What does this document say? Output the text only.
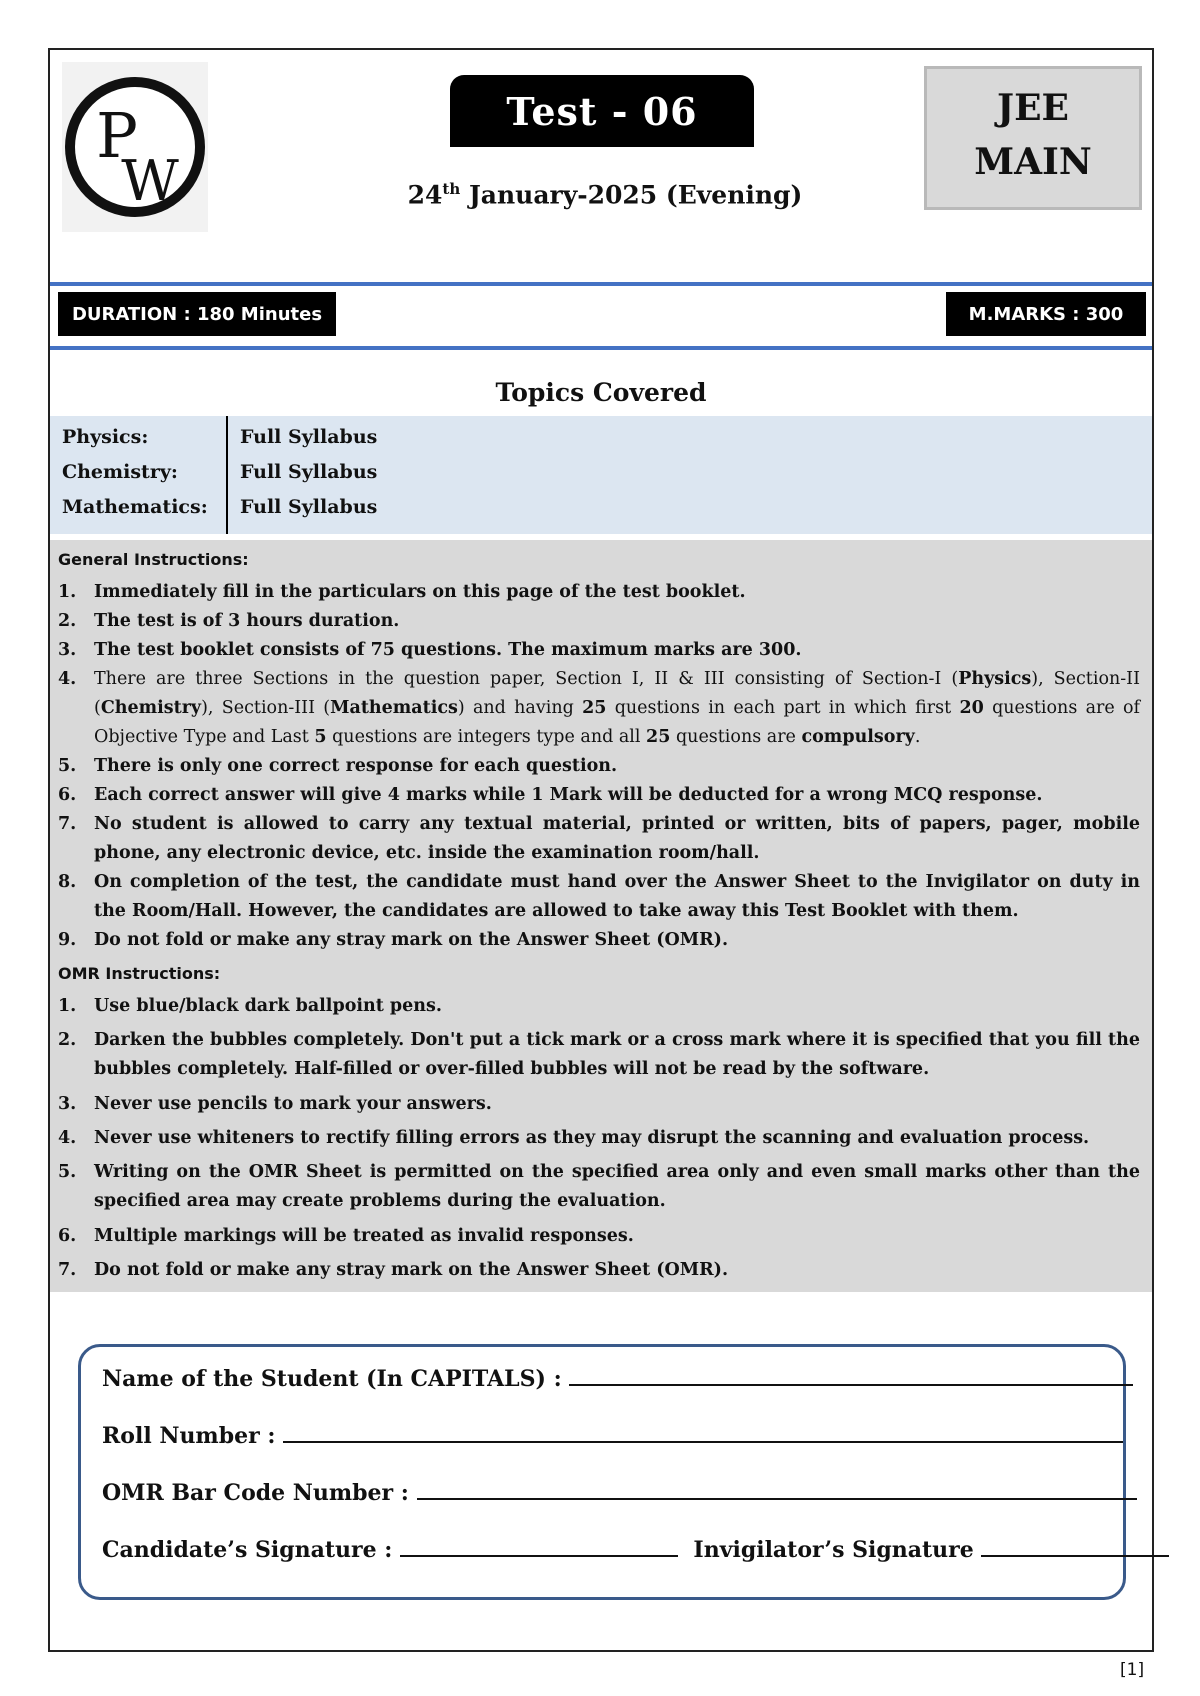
P
W
Test - 06
24th January-2025 (Evening)
JEE
MAIN
DURATION : 180 Minutes	M.MARKS : 300
Topics Covered
Physics:	Full Syllabus
Chemistry:	Full Syllabus
Mathematics: Full Syllabus
General Instructions:
1. Immediately fill in the particulars on this page of the test booklet.
2. The test is of 3 hours duration.
3. The test booklet consists of 75 questions. The maximum marks are 300.
4. There are three Sections in the question paper, Section I, II & III consisting of Section-I (Physics), Section-II (Chemistry), Section-III (Mathematics) and having 25 questions in each part in which first 20 questions are of Objective Type and Last 5 questions are integers type and all 25 questions are compulsory.
5. There is only one correct response for each question.
6. Each correct answer will give 4 marks while 1 Mark will be deducted for a wrong MCQ response.
7. No student is allowed to carry any textual material, printed or written, bits of papers, pager, mobile phone, any electronic device, etc. inside the examination room/hall.
8. On completion of the test, the candidate must hand over the Answer Sheet to the Invigilator on duty in the Room/Hall. However, the candidates are allowed to take away this Test Booklet with them.
9. Do not fold or make any stray mark on the Answer Sheet (OMR).
OMR Instructions:
1. Use blue/black dark ballpoint pens.
2. Darken the bubbles completely. Don't put a tick mark or a cross mark where it is specified that you fill the bubbles completely. Half-filled or over-filled bubbles will not be read by the software.
3. Never use pencils to mark your answers.
4. Never use whiteners to rectify filling errors as they may disrupt the scanning and evaluation process.
5. Writing on the OMR Sheet is permitted on the specified area only and even small marks other than the specified area may create problems during the evaluation.
6. Multiple markings will be treated as invalid responses.
7. Do not fold or make any stray mark on the Answer Sheet (OMR).
Name of the Student (In CAPITALS) :
Roll Number :
OMR Bar Code Number :
Candidate’s Signature :	Invigilator’s Signature
[1]
